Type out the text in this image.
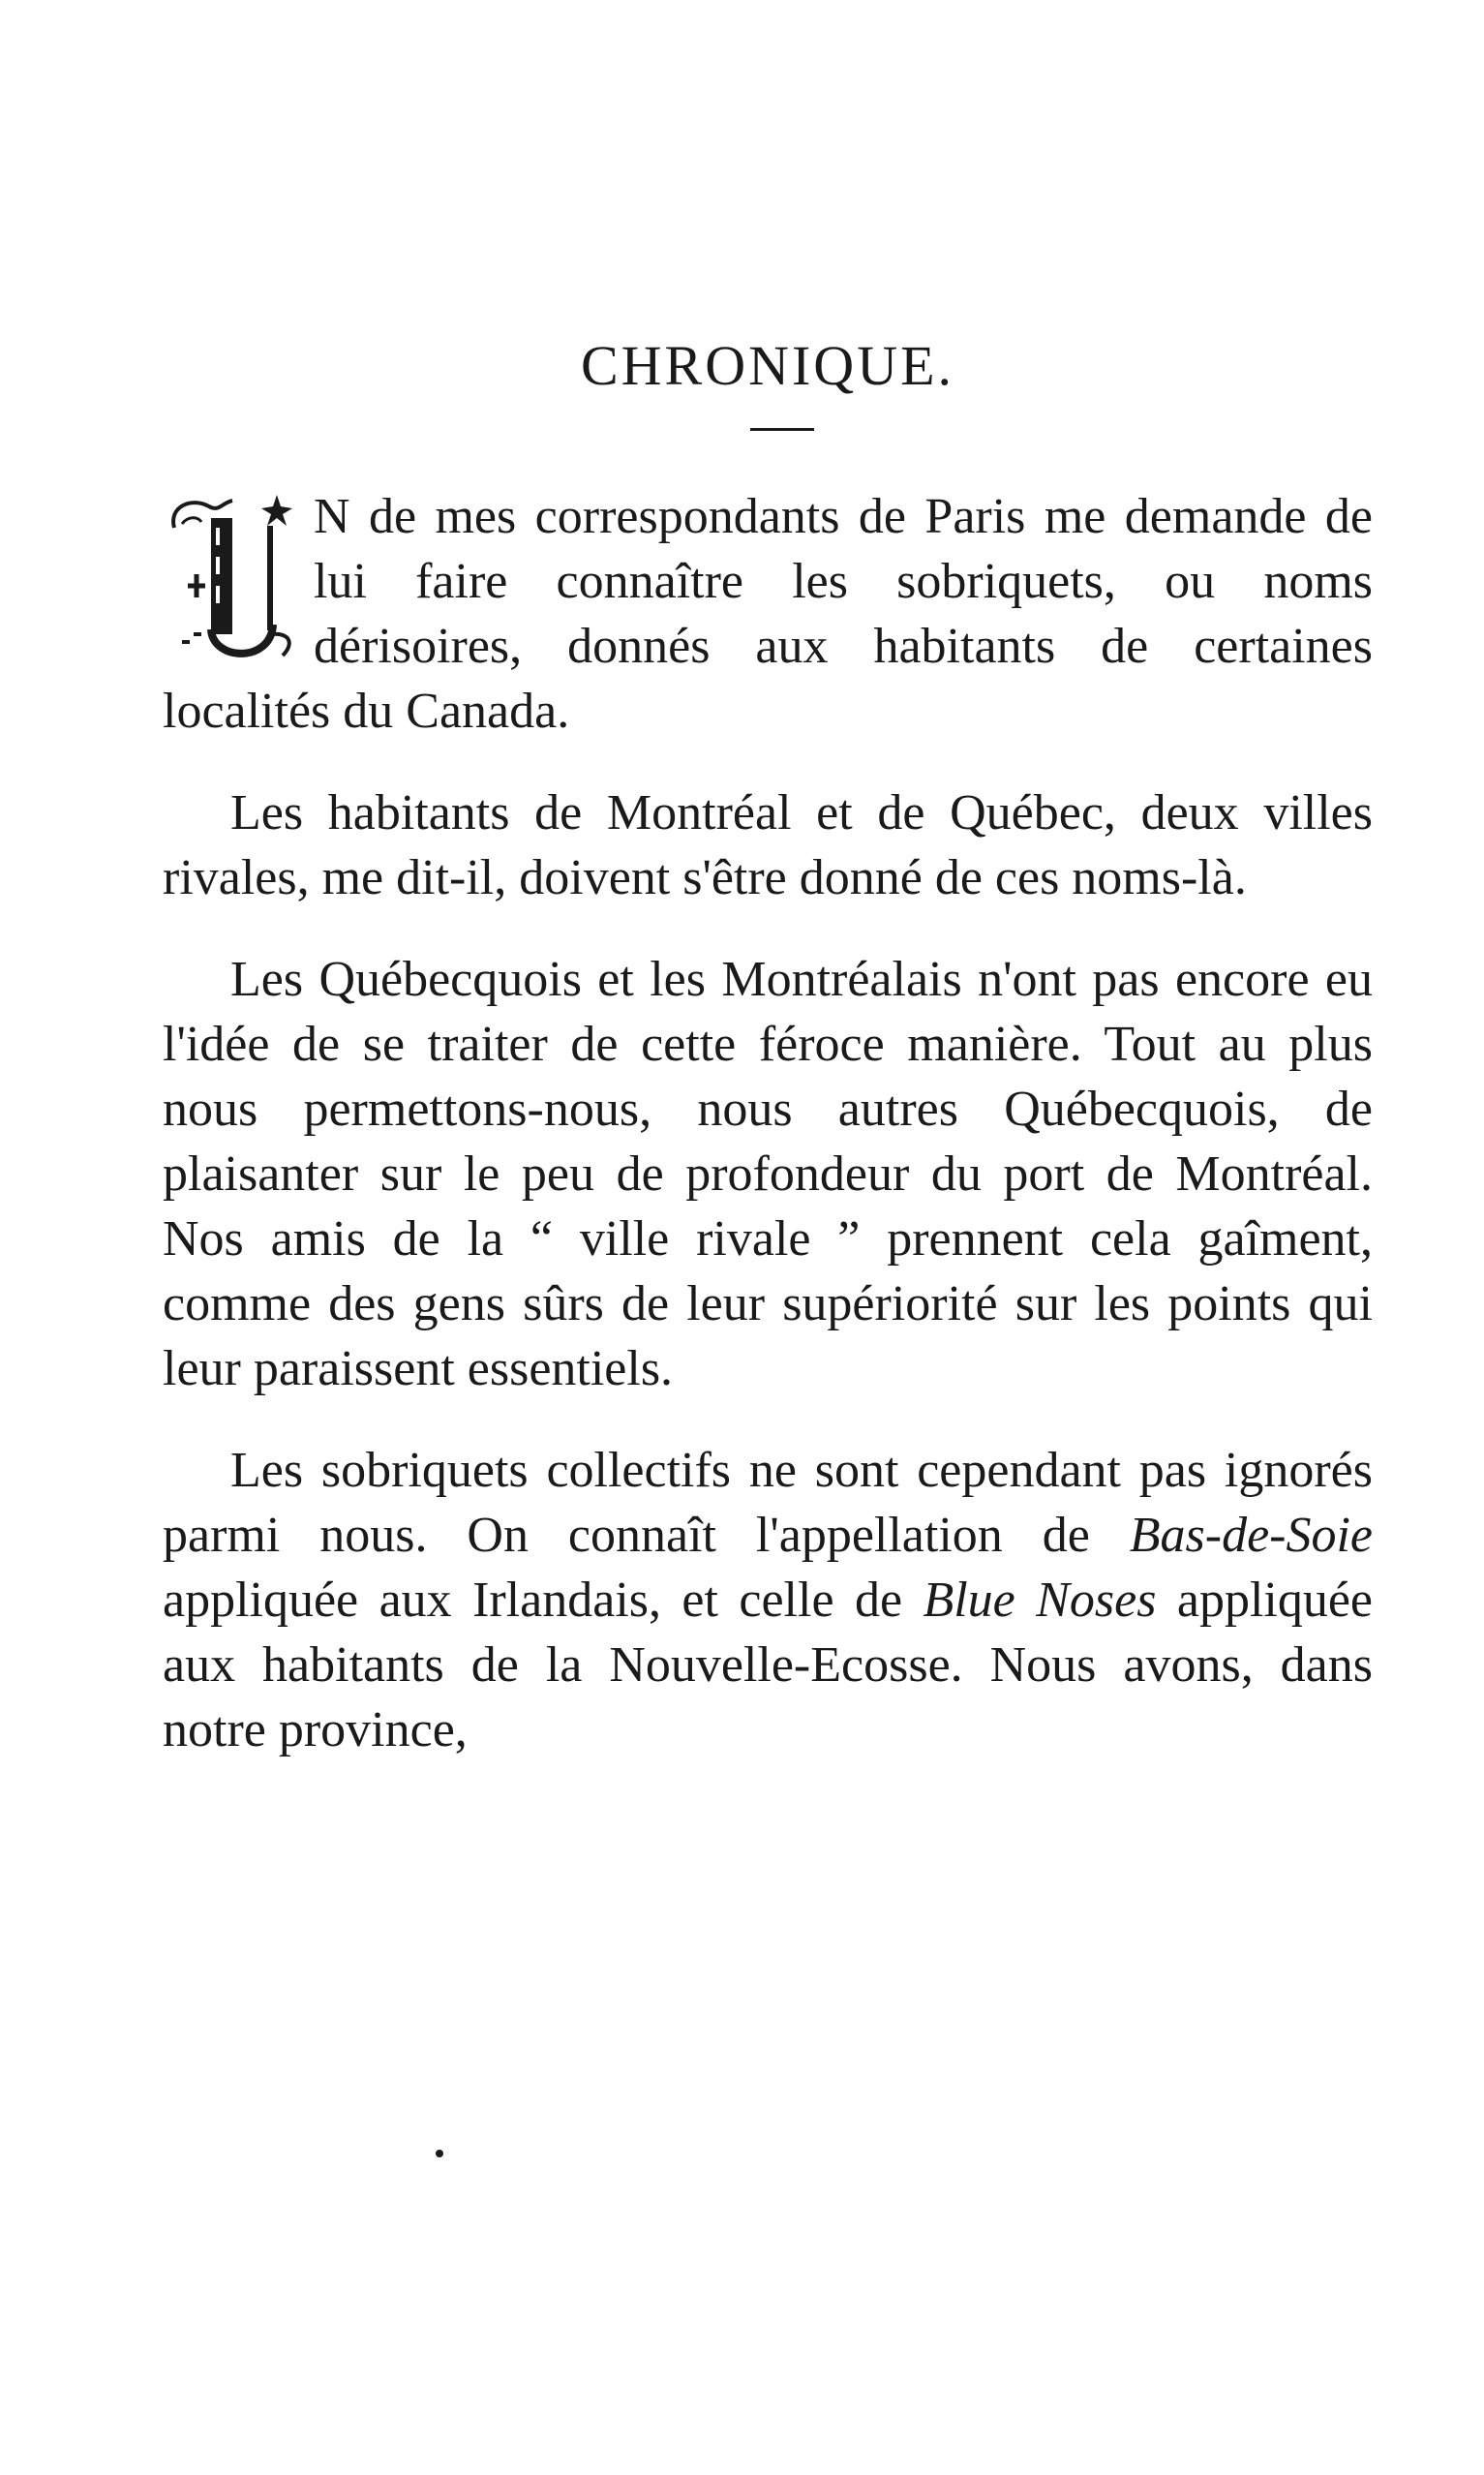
CHRONIQUE.

N de mes correspondants de Paris me demande de lui faire connaître les sobriquets, ou noms dérisoires, donnés aux habitants de certaines localités du Canada.

Les habitants de Montréal et de Québec, deux villes rivales, me dit-il, doivent s'être donné de ces noms-là.

Les Québecquois et les Montréalais n'ont pas encore eu l'idée de se traiter de cette féroce manière. Tout au plus nous permettons-nous, nous autres Québecquois, de plaisanter sur le peu de profondeur du port de Montréal. Nos amis de la “ ville rivale ” prennent cela gaîment, comme des gens sûrs de leur supériorité sur les points qui leur paraissent essentiels.

Les sobriquets collectifs ne sont cependant pas ignorés parmi nous. On connaît l'appellation de Bas-de-Soie appliquée aux Irlandais, et celle de Blue Noses appliquée aux habitants de la Nouvelle-Ecosse. Nous avons, dans notre province,
